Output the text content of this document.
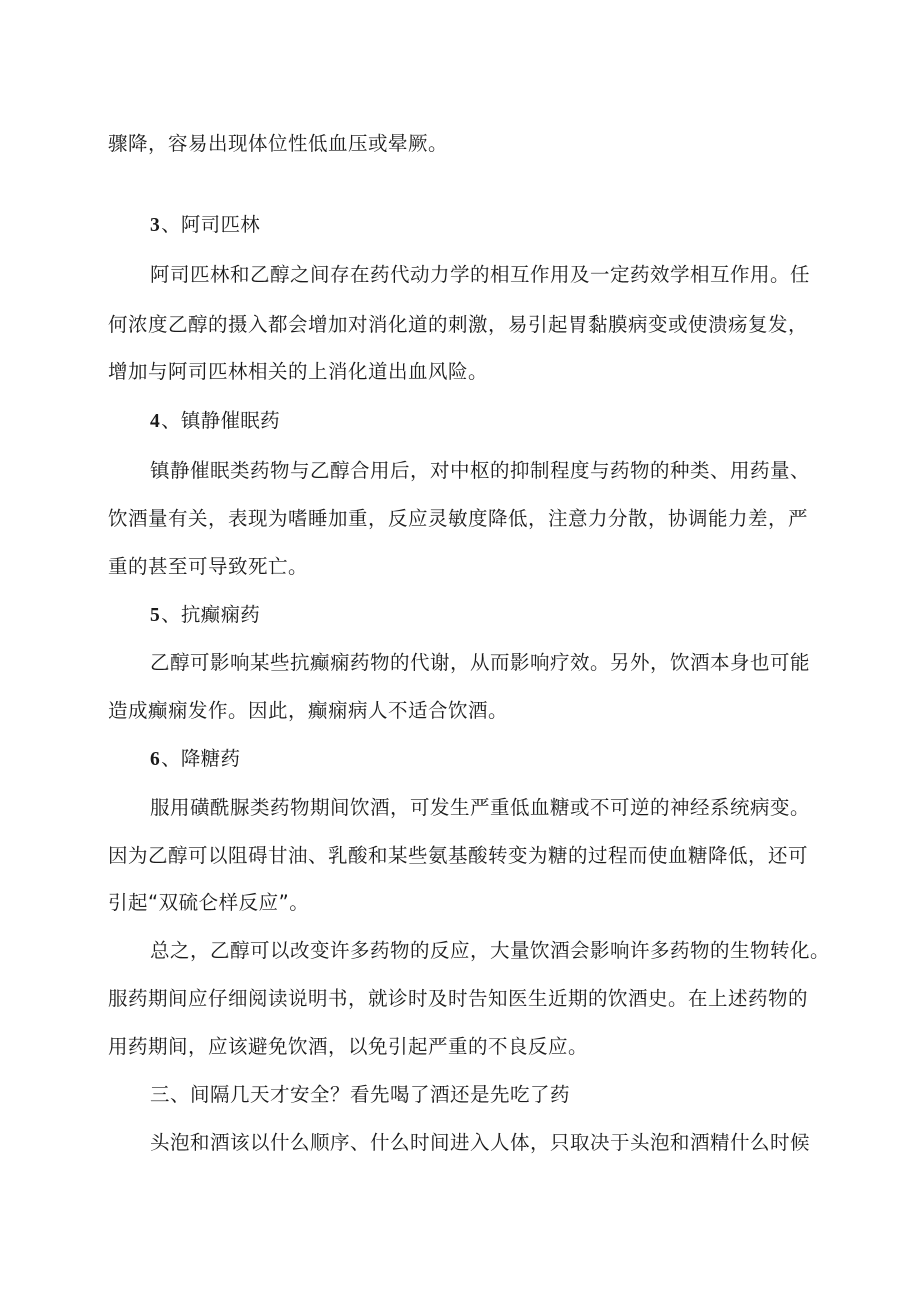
骤降，容易出现体位性低血压或晕厥。
3、阿司匹林
阿司匹林和乙醇之间存在药代动力学的相互作用及一定药效学相互作用。任
何浓度乙醇的摄入都会增加对消化道的刺激，易引起胃黏膜病变或使溃疡复发，
增加与阿司匹林相关的上消化道出血风险。
4、镇静催眠药
镇静催眠类药物与乙醇合用后，对中枢的抑制程度与药物的种类、用药量、
饮酒量有关，表现为嗜睡加重，反应灵敏度降低，注意力分散，协调能力差，严
重的甚至可导致死亡。
5、抗癫痫药
乙醇可影响某些抗癫痫药物的代谢，从而影响疗效。另外，饮酒本身也可能
造成癫痫发作。因此，癫痫病人不适合饮酒。
6、降糖药
服用磺酰脲类药物期间饮酒，可发生严重低血糖或不可逆的神经系统病变。
因为乙醇可以阻碍甘油、乳酸和某些氨基酸转变为糖的过程而使血糖降低，还可
引起“双硫仑样反应”。
总之，乙醇可以改变许多药物的反应，大量饮酒会影响许多药物的生物转化。
服药期间应仔细阅读说明书，就诊时及时告知医生近期的饮酒史。在上述药物的
用药期间，应该避免饮酒，以免引起严重的不良反应。
三、间隔几天才安全？看先喝了酒还是先吃了药
头泡和酒该以什么顺序、什么时间进入人体，只取决于头泡和酒精什么时候
